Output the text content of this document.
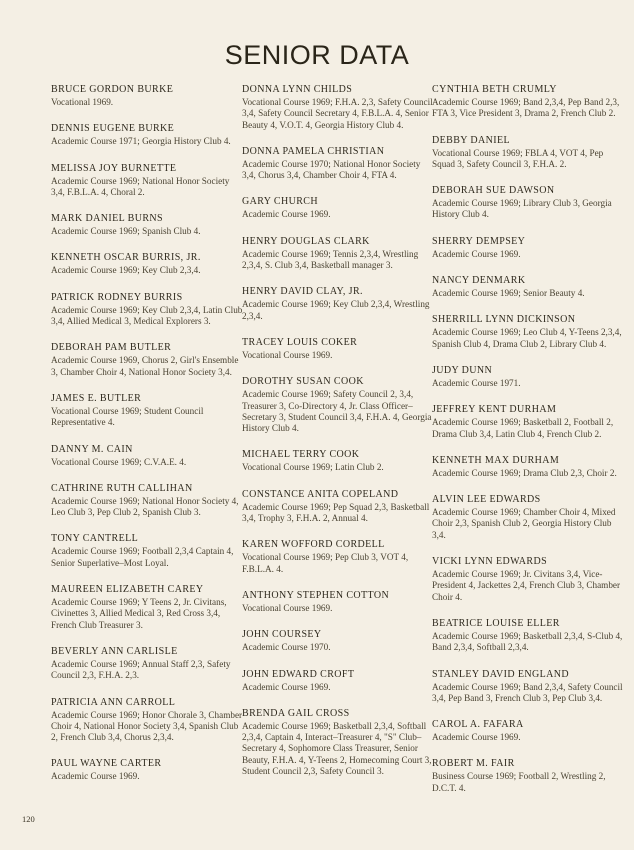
SENIOR DATA
BRUCE GORDON BURKE
Vocational 1969.
DENNIS EUGENE BURKE
Academic Course 1971; Georgia History Club 4.
MELISSA JOY BURNETTE
Academic Course 1969; National Honor Society 3,4, F.B.L.A. 4, Choral 2.
MARK DANIEL BURNS
Academic Course 1969; Spanish Club 4.
KENNETH OSCAR BURRIS, JR.
Academic Course 1969; Key Club 2,3,4.
PATRICK RODNEY BURRIS
Academic Course 1969; Key Club 2,3,4, Latin Club 3,4, Allied Medical 3, Medical Explorers 3.
DEBORAH PAM BUTLER
Academic Course 1969, Chorus 2, Girl's Ensemble 3, Chamber Choir 4, National Honor Society 3,4.
JAMES E. BUTLER
Vocational Course 1969; Student Council Representative 4.
DANNY M. CAIN
Vocational Course 1969; C.V.A.E. 4.
CATHRINE RUTH CALLIHAN
Academic Course 1969; National Honor Society 4, Leo Club 3, Pep Club 2, Spanish Club 3.
TONY CANTRELL
Academic Course 1969; Football 2,3,4 Captain 4, Senior Superlative–Most Loyal.
MAUREEN ELIZABETH CAREY
Academic Course 1969; Y Teens 2, Jr. Civitans, Civinettes 3, Allied Medical 3, Red Cross 3,4, French Club Treasurer 3.
BEVERLY ANN CARLISLE
Academic Course 1969; Annual Staff 2,3, Safety Council 2,3, F.H.A. 2,3.
PATRICIA ANN CARROLL
Academic Course 1969; Honor Chorale 3, Chamber Choir 4, National Honor Society 3,4, Spanish Club 2, French Club 3,4, Chorus 2,3,4.
PAUL WAYNE CARTER
Academic Course 1969.
DONNA LYNN CHILDS
Vocational Course 1969; F.H.A. 2,3, Safety Council 3,4, Safety Council Secretary 4, F.B.L.A. 4, Senior Beauty 4, V.O.T. 4, Georgia History Club 4.
DONNA PAMELA CHRISTIAN
Academic Course 1970; National Honor Society 3,4, Chorus 3,4, Chamber Choir 4, FTA 4.
GARY CHURCH
Academic Course 1969.
HENRY DOUGLAS CLARK
Academic Course 1969; Tennis 2,3,4, Wrestling 2,3,4, S. Club 3,4, Basketball manager 3.
HENRY DAVID CLAY, JR.
Academic Course 1969; Key Club 2,3,4, Wrestling 2,3,4.
TRACEY LOUIS COKER
Vocational Course 1969.
DOROTHY SUSAN COOK
Academic Course 1969; Safety Council 2, 3,4, Treasurer 3, Co-Directory 4, Jr. Class Officer–Secretary 3, Student Council 3,4, F.H.A. 4, Georgia History Club 4.
MICHAEL TERRY COOK
Vocational Course 1969; Latin Club 2.
CONSTANCE ANITA COPELAND
Academic Course 1969; Pep Squad 2,3, Basketball 3,4, Trophy 3, F.H.A. 2, Annual 4.
KAREN WOFFORD CORDELL
Vocational Course 1969; Pep Club 3, VOT 4, F.B.L.A. 4.
ANTHONY STEPHEN COTTON
Vocational Course 1969.
JOHN COURSEY
Academic Course 1970.
JOHN EDWARD CROFT
Academic Course 1969.
BRENDA GAIL CROSS
Academic Course 1969; Basketball 2,3,4, Softball 2,3,4, Captain 4, Interact–Treasurer 4, "S" Club–Secretary 4, Sophomore Class Treasurer, Senior Beauty, F.H.A. 4, Y-Teens 2, Homecoming Court 3, Student Council 2,3, Safety Council 3.
CYNTHIA BETH CRUMLY
Academic Course 1969; Band 2,3,4, Pep Band 2,3, FTA 3, Vice President 3, Drama 2, French Club 2.
DEBBY DANIEL
Vocational Course 1969; FBLA 4, VOT 4, Pep Squad 3, Safety Council 3, F.H.A. 2.
DEBORAH SUE DAWSON
Academic Course 1969; Library Club 3, Georgia History Club 4.
SHERRY DEMPSEY
Academic Course 1969.
NANCY DENMARK
Academic Course 1969; Senior Beauty 4.
SHERRILL LYNN DICKINSON
Academic Course 1969; Leo Club 4, Y-Teens 2,3,4, Spanish Club 4, Drama Club 2, Library Club 4.
JUDY DUNN
Academic Course 1971.
JEFFREY KENT DURHAM
Academic Course 1969; Basketball 2, Football 2, Drama Club 3,4, Latin Club 4, French Club 2.
KENNETH MAX DURHAM
Academic Course 1969; Drama Club 2,3, Choir 2.
ALVIN LEE EDWARDS
Academic Course 1969; Chamber Choir 4, Mixed Choir 2,3, Spanish Club 2, Georgia History Club 3,4.
VICKI LYNN EDWARDS
Academic Course 1969; Jr. Civitans 3,4, Vice-President 4, Jackettes 2,4, French Club 3, Chamber Choir 4.
BEATRICE LOUISE ELLER
Academic Course 1969; Basketball 2,3,4, S-Club 4, Band 2,3,4, Softball 2,3,4.
STANLEY DAVID ENGLAND
Academic Course 1969; Band 2,3,4, Safety Council 3,4, Pep Band 3, French Club 3, Pep Club 3,4.
CAROL A. FAFARA
Academic Course 1969.
ROBERT M. FAIR
Business Course 1969; Football 2, Wrestling 2, D.C.T. 4.
120
